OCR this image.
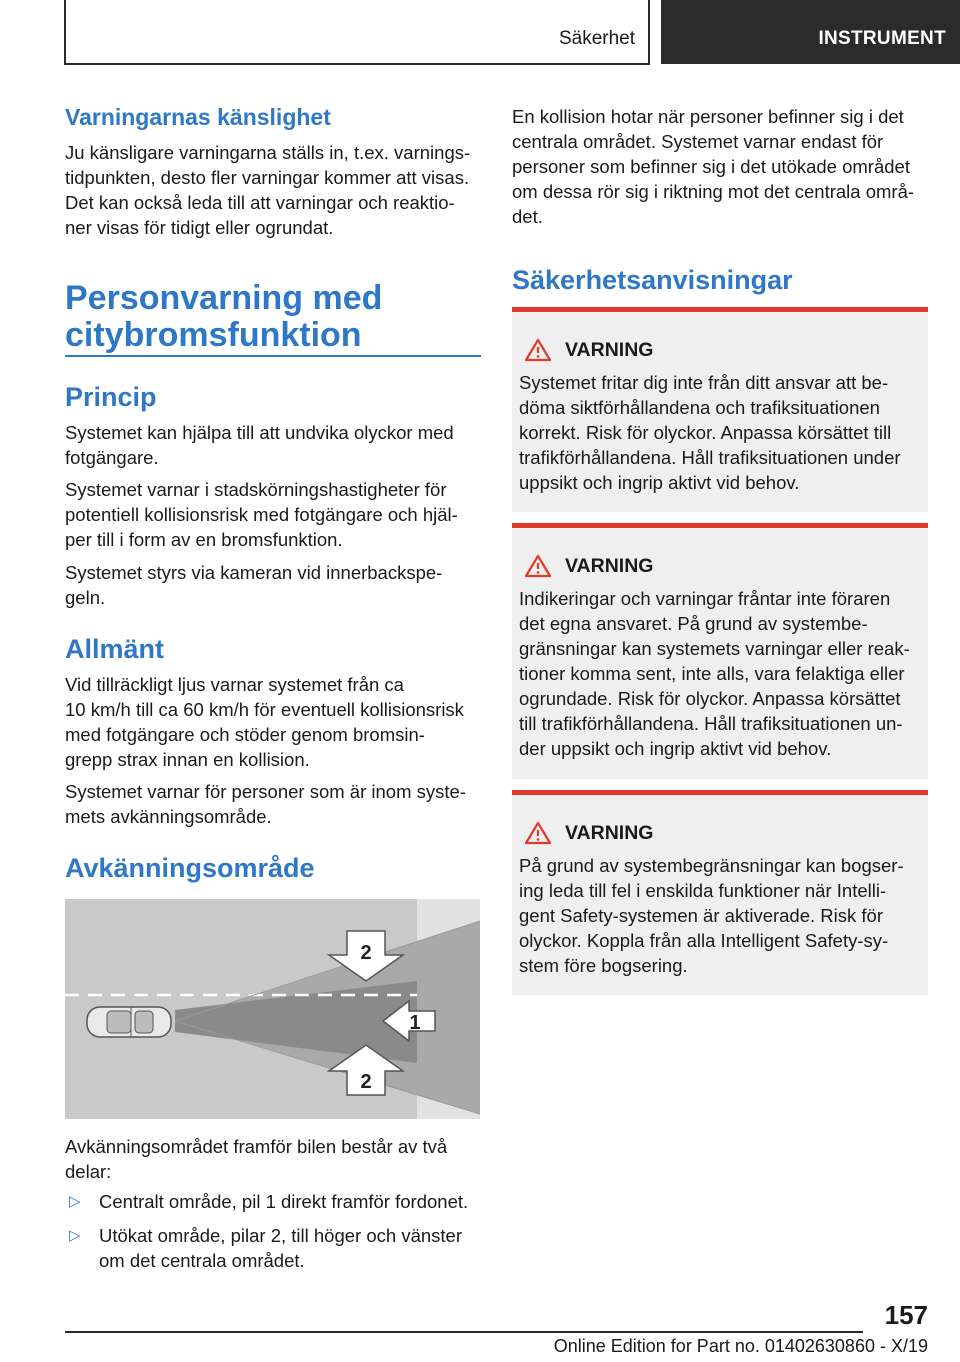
Säkerhet	INSTRUMENT
Varningarnas känslighet

Ju känsligare varningarna ställs in, t.ex. varnings-

tidpunkten, desto fler varningar kommer att visas.

Det kan också leda till att varningar och reaktio-

ner visas för tidigt eller ogrundat.

Personvarning med
citybromsfunktion
Princip

Systemet kan hjälpa till att undvika olyckor med

fotgängare.

Systemet varnar i stadskörningshastigheter för

potentiell kollisionsrisk med fotgängare och hjäl-

per till i form av en bromsfunktion.

Systemet styrs via kameran vid innerbackspe-

geln.

Allmänt

Vid tillräckligt ljus varnar systemet från ca

10 km/h till ca 60 km/h för eventuell kollisionsrisk

med fotgängare och stöder genom bromsin-

grepp strax innan en kollision.

Systemet varnar för personer som är inom syste-

mets avkänningsområde.

Avkänningsområde
2
1
2

Avkänningsområdet framför bilen består av två

delar:

▷ Centralt område, pil 1 direkt framför fordonet.
▷ Utökat område, pilar 2, till höger och vänster
om det centrala området.

En kollision hotar när personer befinner sig i det

centrala området. Systemet varnar endast för

personer som befinner sig i det utökade området

om dessa rör sig i riktning mot det centrala områ-

det.

Säkerhetsanvisningar
VARNING

Systemet fritar dig inte från ditt ansvar att be-

döma siktförhållandena och trafiksituationen

korrekt. Risk för olyckor. Anpassa körsättet till

trafikförhållandena. Håll trafiksituationen under

uppsikt och ingrip aktivt vid behov.

VARNING

Indikeringar och varningar fråntar inte föraren

det egna ansvaret. På grund av systembe-

gränsningar kan systemets varningar eller reak-

tioner komma sent, inte alls, vara felaktiga eller

ogrundade. Risk för olyckor. Anpassa körsättet

till trafikförhållandena. Håll trafiksituationen un-

der uppsikt och ingrip aktivt vid behov.

VARNING

På grund av systembegränsningar kan bogser-

ing leda till fel i enskilda funktioner när Intelli-

gent Safety-systemen är aktiverade. Risk för

olyckor. Koppla från alla Intelligent Safety-sy-

stem före bogsering.

157
Online Edition for Part no. 01402630860 - X/19
